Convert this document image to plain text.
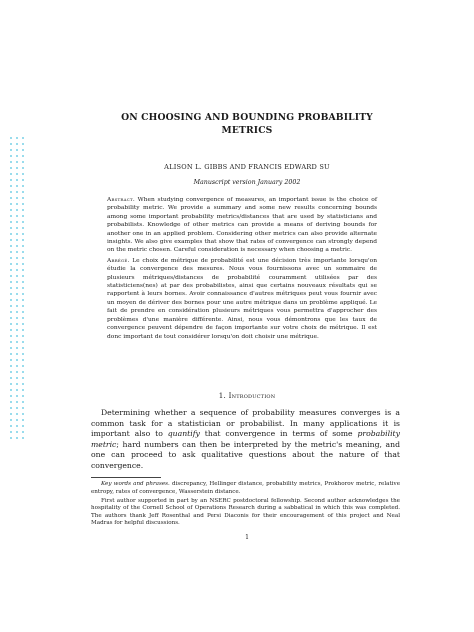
ON CHOOSING AND BOUNDING PROBABILITY
METRICS
ALISON L. GIBBS AND FRANCIS EDWARD SU
Manuscript version January 2002

Abstract. When studying convergence of measures, an important issue is the choice of probability metric. We provide a summary and some new results concerning bounds among some important probability metrics/distances that are used by statisticians and probabilists. Knowledge of other metrics can provide a means of deriving bounds for another one in an applied problem. Considering other metrics can also provide alternate insights. We also give examples that show that rates of convergence can strongly depend on the metric chosen. Careful consideration is necessary when choosing a metric.

Abrégé. Le choix de métrique de probabilité est une décision très importante lorsqu'on étudie la convergence des mesures. Nous vous fournissons avec un sommaire de plusieurs métriques/distances de probabilité couramment utilisées par des statisticiens(nes) at par des probabilistes, ainsi que certains nouveaux résultats qui se rapportent à leurs bornes. Avoir connaissance d'autres métriques peut vous fournir avec un moyen de dériver des bornes pour une autre métrique dans un problème appliqué. Le fait de prendre en considération plusieurs métriques vous permettra d'approcher des problèmes d'une manière différente. Ainsi, nous vous démontrons que les taux de convergence peuvent dépendre de façon importante sur votre choix de métrique. Il est donc important de tout considérer lorsqu'on doit choisir une métrique.

1. Introduction

Determining whether a sequence of probability measures converges is a common task for a statistician or probabilist. In many applications it is important also to quantify that convergence in terms of some probability metric; hard numbers can then be interpreted by the metric's meaning, and one can proceed to ask qualitative questions about the nature of that convergence.

Key words and phrases. discrepancy, Hellinger distance, probability metrics, Prokhorov metric, relative entropy, rates of convergence, Wasserstein distance.

First author supported in part by an NSERC postdoctoral fellowship. Second author acknowledges the hospitality of the Cornell School of Operations Research during a sabbatical in which this was completed. The authors thank Jeff Rosenthal and Persi Diaconis for their encouragement of this project and Neal Madras for helpful discussions.

1
